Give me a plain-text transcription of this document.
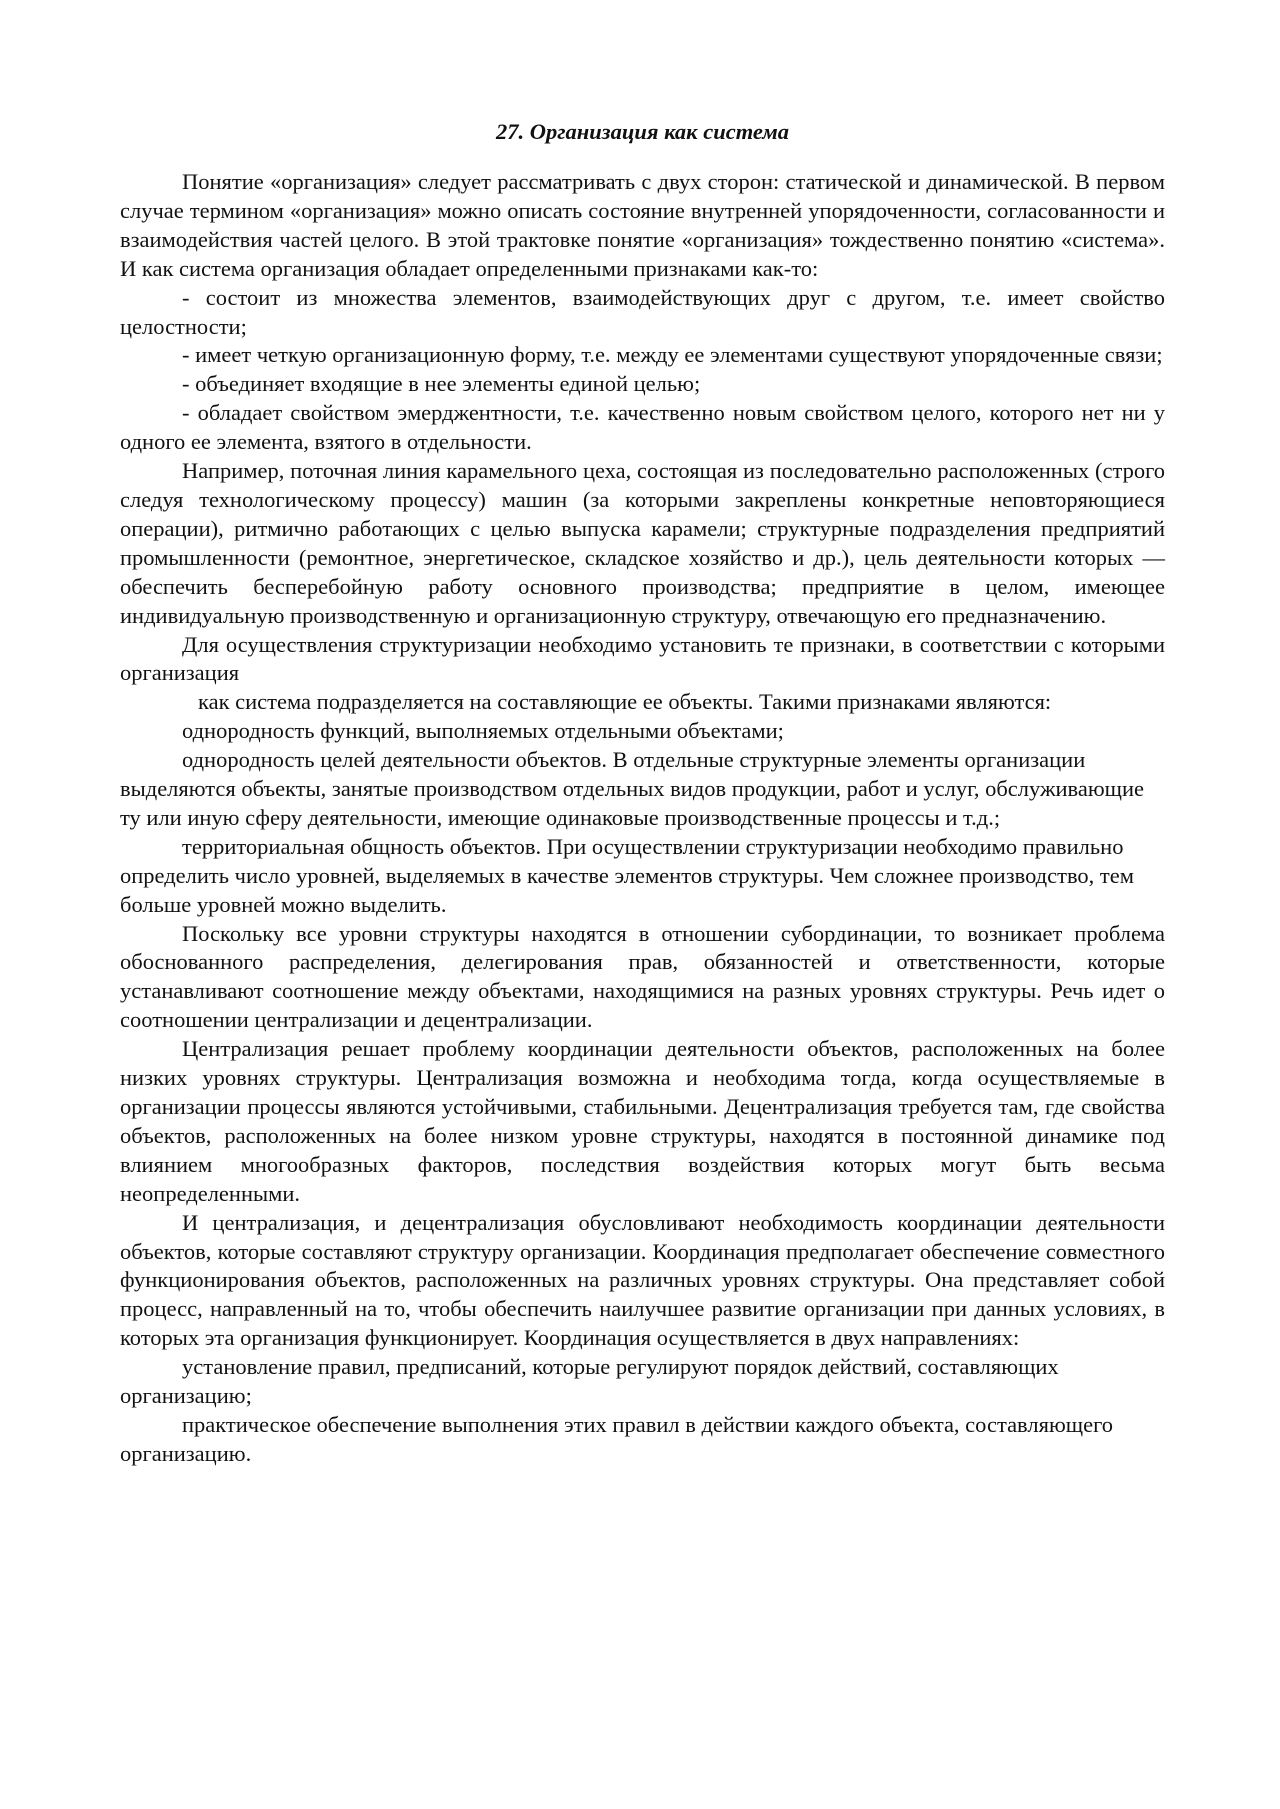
27. Организация как система

Понятие «организация» следует рассматривать с двух сторон: статической и динамической. В первом случае термином «организация» можно описать состояние внутренней упорядоченности, согласованности и взаимодействия частей целого. В этой трактовке понятие «организация» тождественно понятию «система». И как система организация обладает определенными признаками как-то:

- состоит из множества элементов, взаимодействующих друг с другом, т.е. имеет свойство целостности;

- имеет четкую организационную форму, т.е. между ее элементами существуют упорядоченные связи;

- объединяет входящие в нее элементы единой целью;

- обладает свойством эмерджентности, т.е. качественно новым свойством целого, которого нет ни у одного ее элемента, взятого в отдельности.

Например, поточная линия карамельного цеха, состоящая из последовательно расположенных (строго следуя технологическому процессу) машин (за которыми закреплены конкретные неповторяющиеся операции), ритмично работающих с целью выпуска карамели; структурные подразделения предприятий промышленности (ремонтное, энергетическое, складское хозяйство и др.), цель деятельности которых — обеспечить бесперебойную работу основного производства; предприятие в целом, имеющее индивидуальную производственную и организационную структуру, отвечающую его предназначению.

Для осуществления структуризации необходимо установить те признаки, в соответствии с которыми организация

как система подразделяется на составляющие ее объекты. Такими признаками являются:

однородность функций, выполняемых отдельными объектами;

однородность целей деятельности объектов. В отдельные структурные элементы организации выделяются объекты, занятые производством отдельных видов продукции, работ и услуг, обслуживающие ту или иную сферу деятельности, имеющие одинаковые производственные процессы и т.д.;

территориальная общность объектов. При осуществлении структуризации необходимо правильно определить число уровней, выделяемых в качестве элементов структуры. Чем сложнее производство, тем больше уровней можно выделить.

Поскольку все уровни структуры находятся в отношении субординации, то возникает проблема обоснованного распределения, делегирования прав, обязанностей и ответственности, которые устанавливают соотношение между объектами, находящимися на разных уровнях структуры. Речь идет о соотношении централизации и децентрализации.

Централизация решает проблему координации деятельности объектов, расположенных на более низких уровнях структуры. Централизация возможна и необходима тогда, когда осуществляемые в организации процессы являются устойчивыми, стабильными. Децентрализация требуется там, где свойства объектов, расположенных на более низком уровне структуры, находятся в постоянной динамике под влиянием многообразных факторов, последствия воздействия которых могут быть весьма неопределенными.

И централизация, и децентрализация обусловливают необходимость координации деятельности объектов, которые составляют структуру организации. Координация предполагает обеспечение совместного функционирования объектов, расположенных на различных уровнях структуры. Она представляет собой процесс, направленный на то, чтобы обеспечить наилучшее развитие организации при данных условиях, в которых эта организация функционирует. Координация осуществляется в двух направлениях:

установление правил, предписаний, которые регулируют порядок действий, составляющих организацию;

практическое обеспечение выполнения этих правил в действии каждого объекта, составляющего организацию.
